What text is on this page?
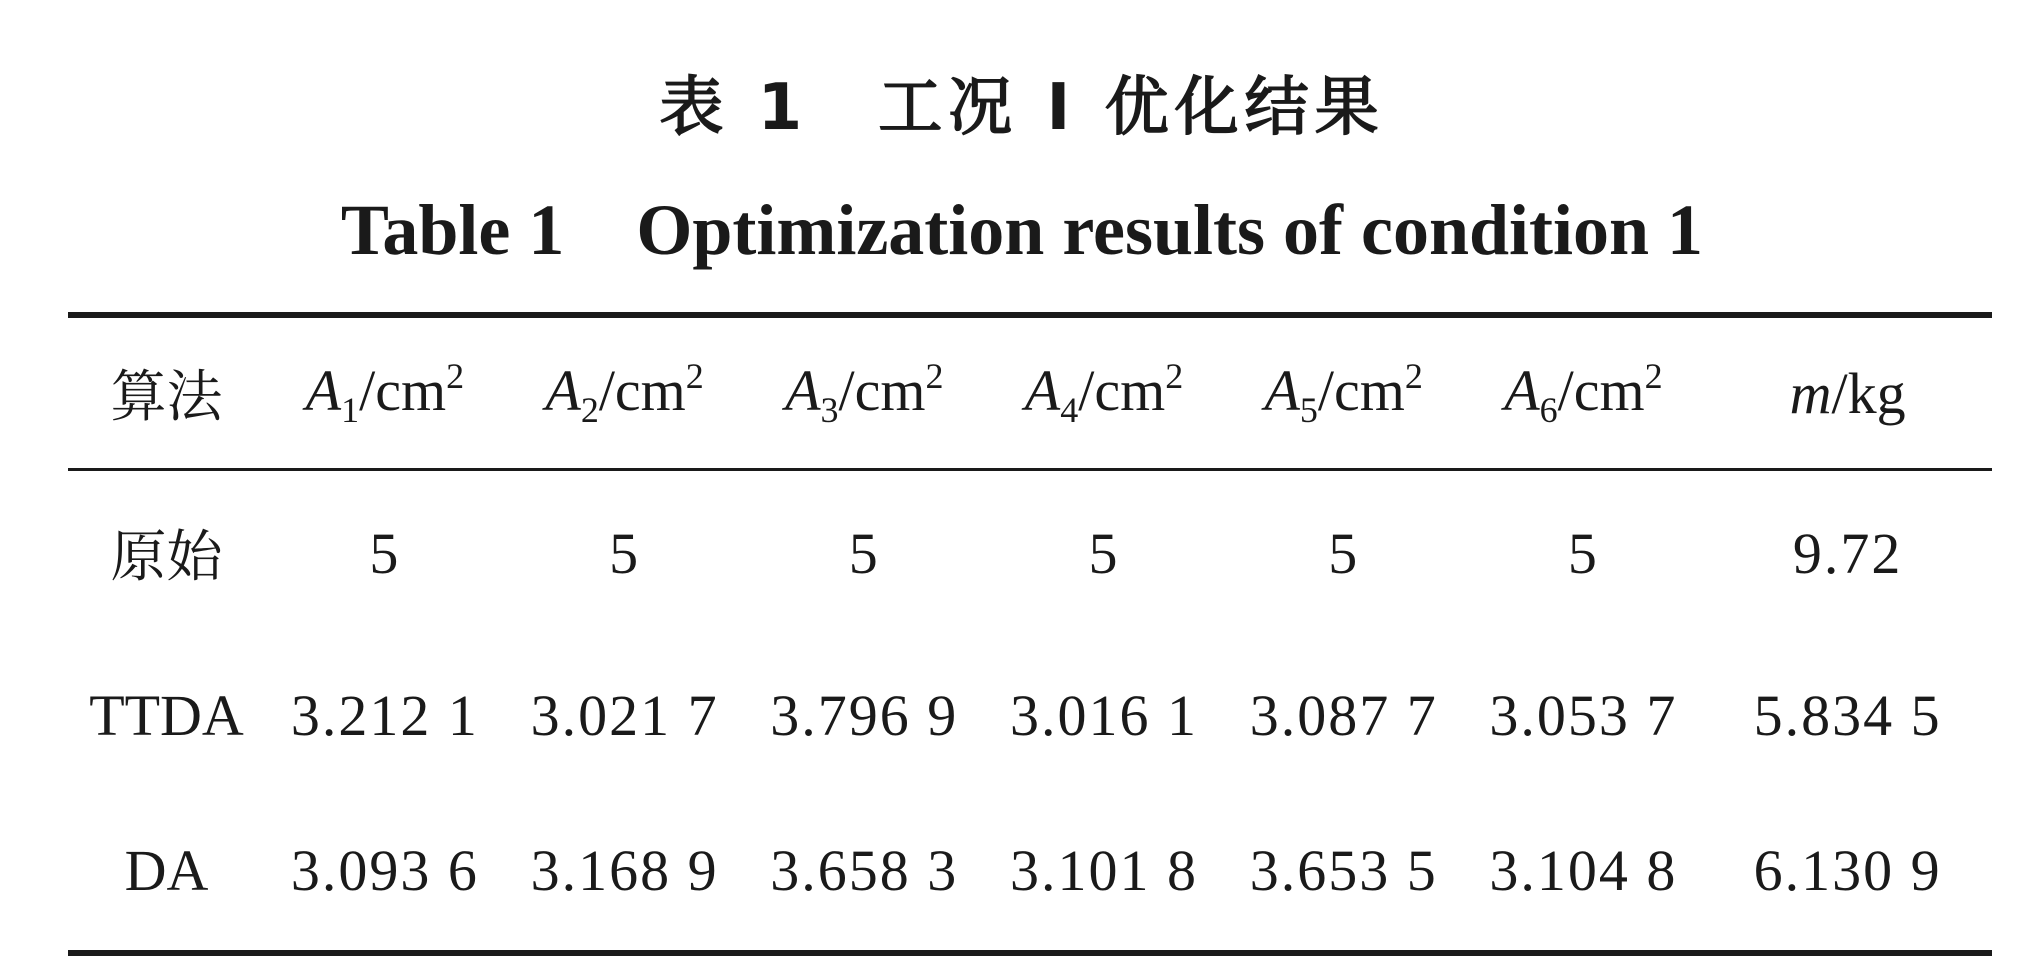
表 1　工况 I 优化结果
Table 1　Optimization results of condition 1
算法	$A_1/cm^2$	$A_2/cm^2$	$A_3/cm^2$	$A_4/cm^2$	$A_5/cm^2$	$A_6/cm^2$	m/kg
原始	5	5	5	5	5	5	9.72
TTDA	3.212 1	3.021 7	3.796 9	3.016 1	3.087 7	3.053 7	5.834 5
DA	3.093 6	3.168 9	3.658 3	3.101 8	3.653 5	3.104 8	6.130 9
